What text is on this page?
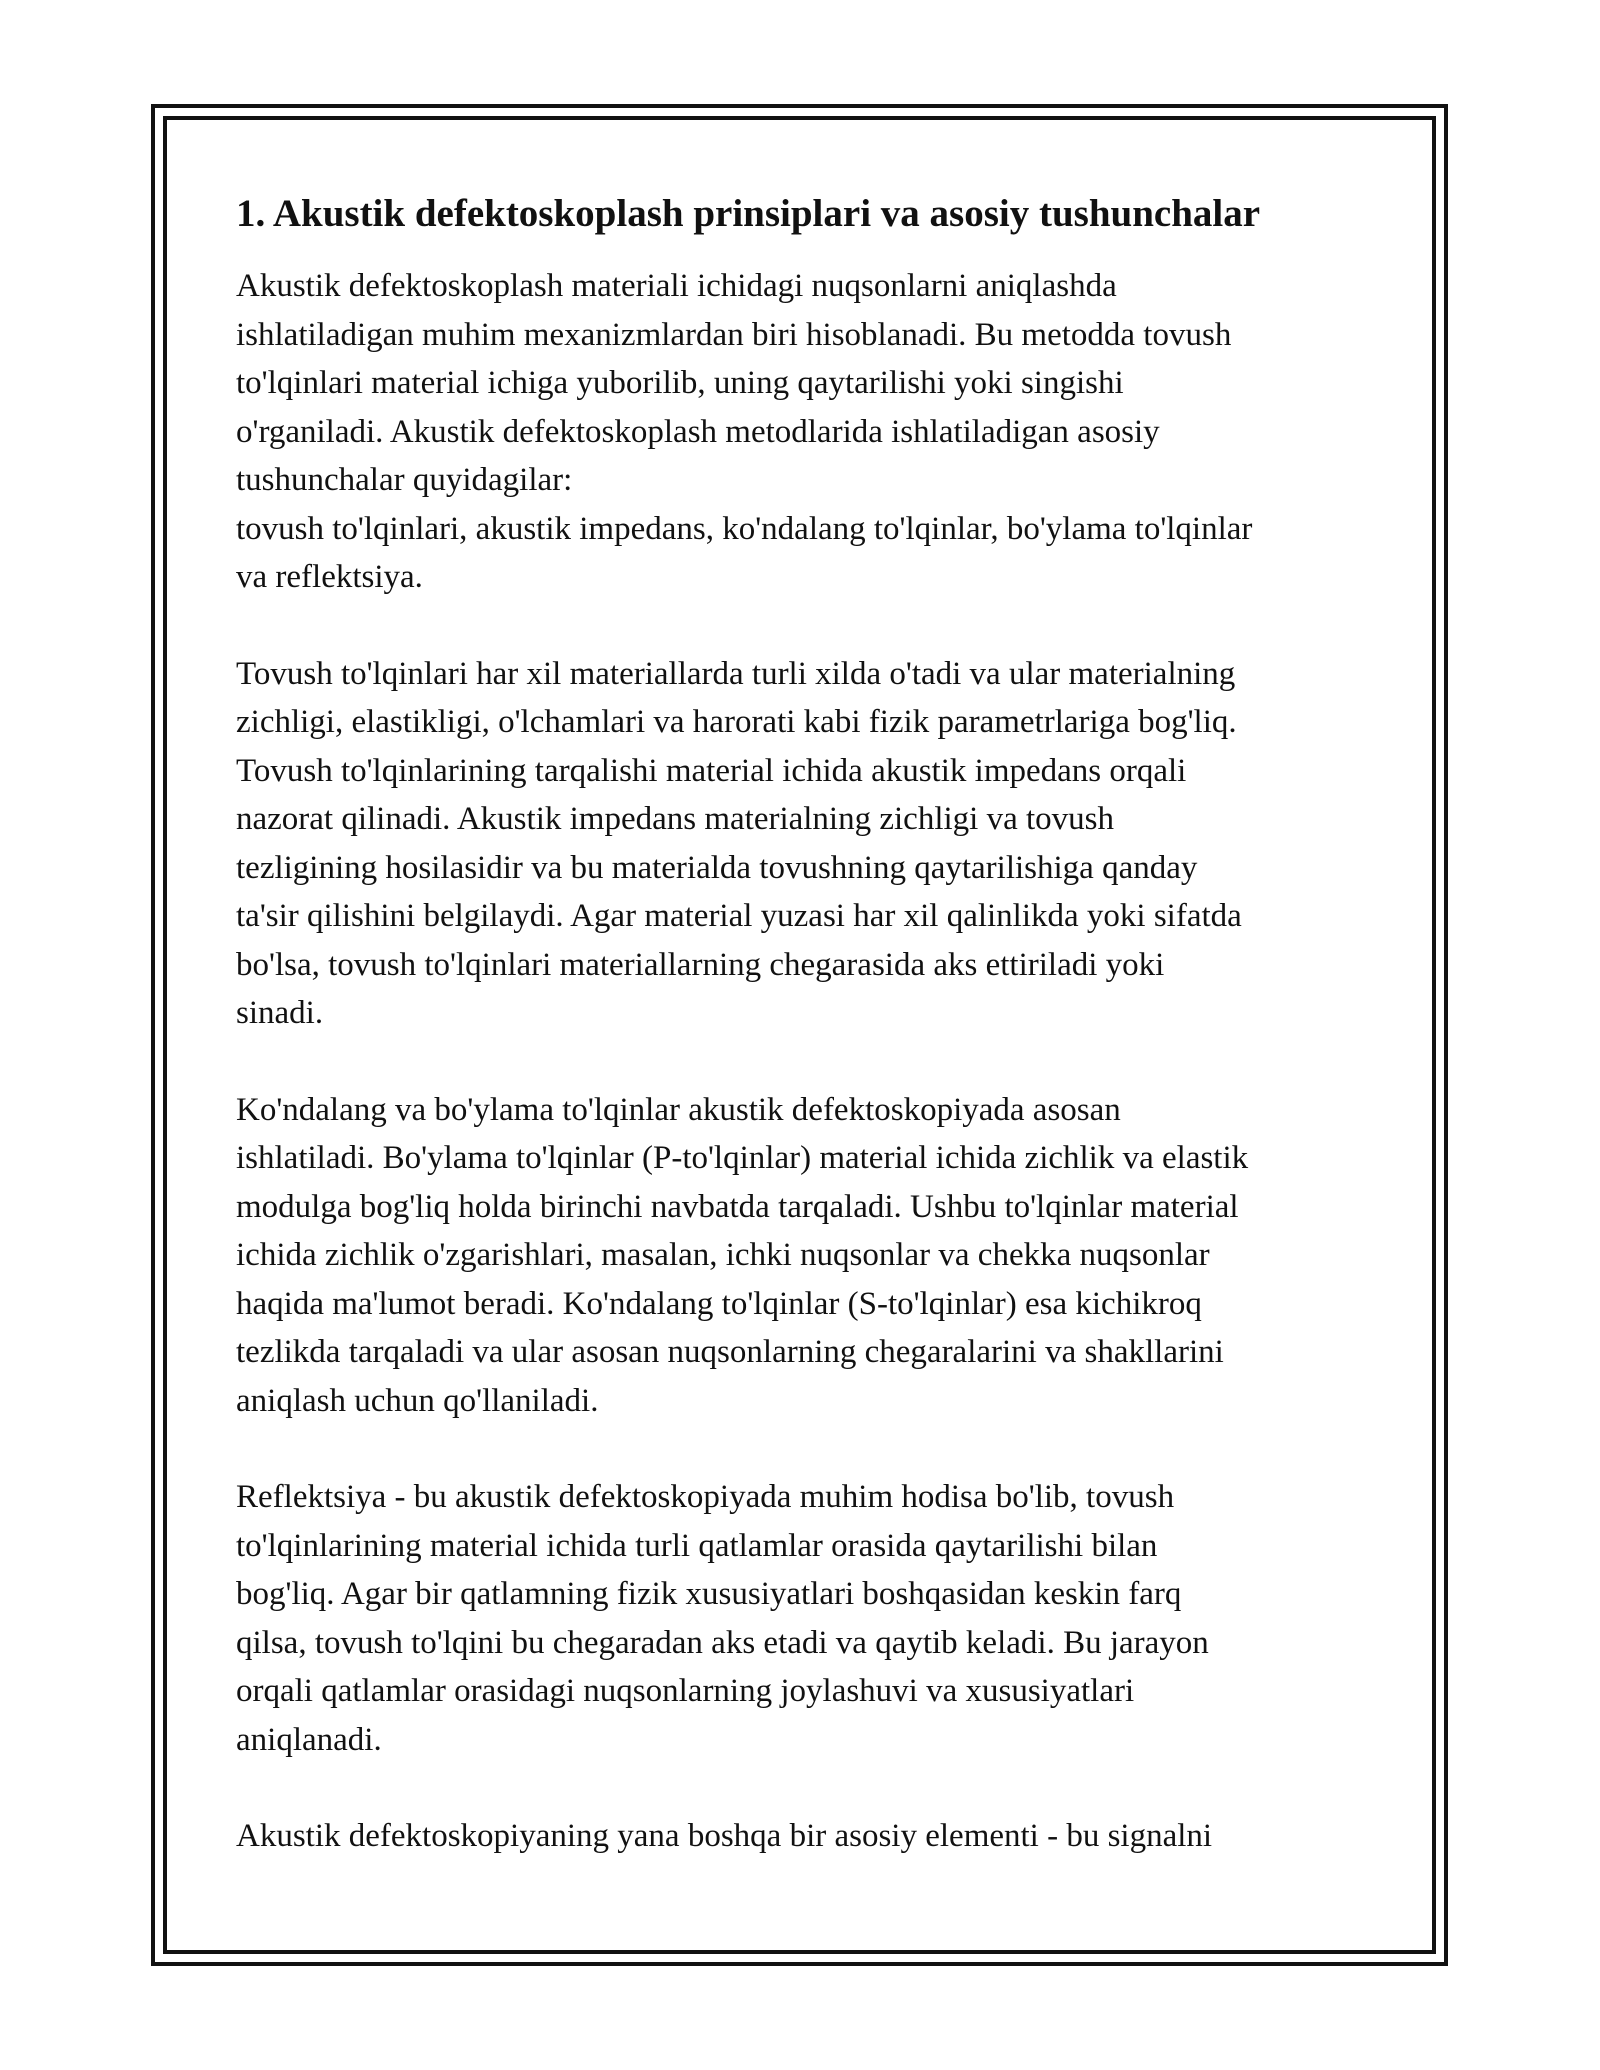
1. Akustik defektoskoplash prinsiplari va asosiy tushunchalar

Akustik defektoskoplash materiali ichidagi nuqsonlarni aniqlashda
ishlatiladigan muhim mexanizmlardan biri hisoblanadi. Bu metodda tovush
to'lqinlari material ichiga yuborilib, uning qaytarilishi yoki singishi
o'rganiladi. Akustik defektoskoplash metodlarida ishlatiladigan asosiy
tushunchalar quyidagilar:
tovush to'lqinlari, akustik impedans, ko'ndalang to'lqinlar, bo'ylama to'lqinlar
va reflektsiya.

Tovush to'lqinlari har xil materiallarda turli xilda o'tadi va ular materialning
zichligi, elastikligi, o'lchamlari va harorati kabi fizik parametrlariga bog'liq.
Tovush to'lqinlarining tarqalishi material ichida akustik impedans orqali
nazorat qilinadi. Akustik impedans materialning zichligi va tovush
tezligining hosilasidir va bu materialda tovushning qaytarilishiga qanday
ta'sir qilishini belgilaydi. Agar material yuzasi har xil qalinlikda yoki sifatda
bo'lsa, tovush to'lqinlari materiallarning chegarasida aks ettiriladi yoki
sinadi.

Ko'ndalang va bo'ylama to'lqinlar akustik defektoskopiyada asosan
ishlatiladi. Bo'ylama to'lqinlar (P-to'lqinlar) material ichida zichlik va elastik
modulga bog'liq holda birinchi navbatda tarqaladi. Ushbu to'lqinlar material
ichida zichlik o'zgarishlari, masalan, ichki nuqsonlar va chekka nuqsonlar
haqida ma'lumot beradi. Ko'ndalang to'lqinlar (S-to'lqinlar) esa kichikroq
tezlikda tarqaladi va ular asosan nuqsonlarning chegaralarini va shakllarini
aniqlash uchun qo'llaniladi.

Reflektsiya - bu akustik defektoskopiyada muhim hodisa bo'lib, tovush
to'lqinlarining material ichida turli qatlamlar orasida qaytarilishi bilan
bog'liq. Agar bir qatlamning fizik xususiyatlari boshqasidan keskin farq
qilsa, tovush to'lqini bu chegaradan aks etadi va qaytib keladi. Bu jarayon
orqali qatlamlar orasidagi nuqsonlarning joylashuvi va xususiyatlari
aniqlanadi.

Akustik defektoskopiyaning yana boshqa bir asosiy elementi - bu signalni
